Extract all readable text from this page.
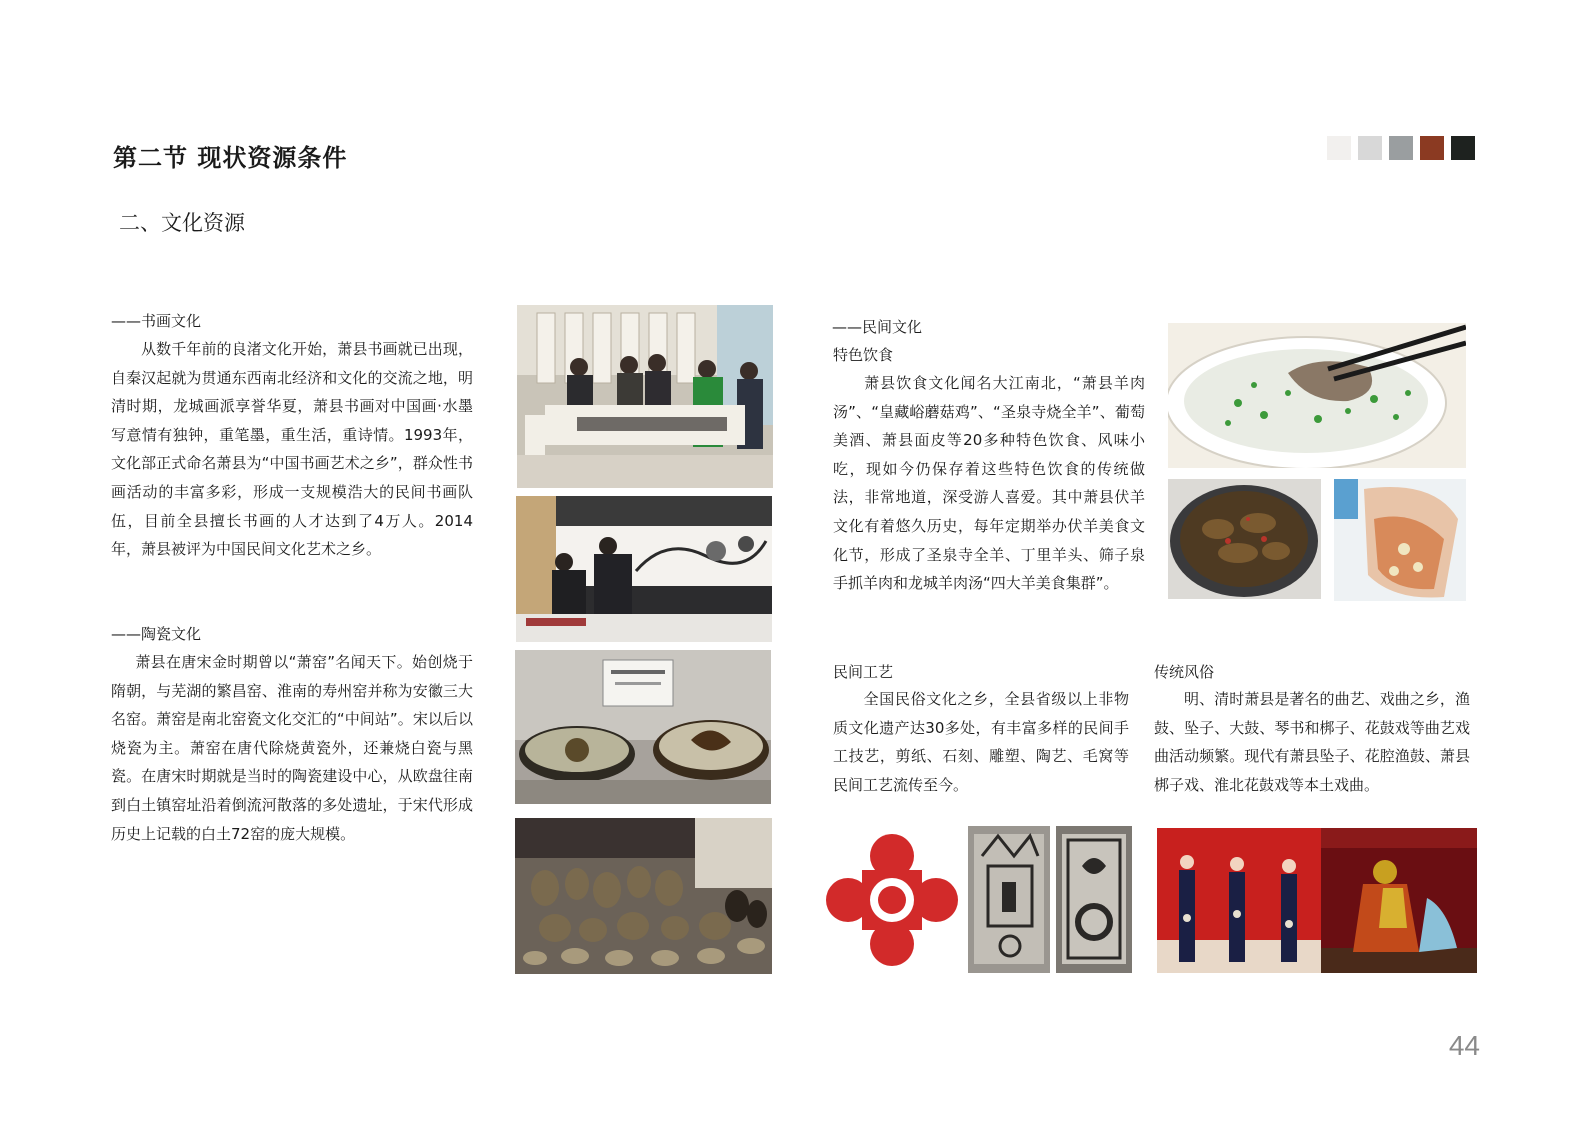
第二节 现状资源条件
二、文化资源
——书画文化
从数千年前的良渚文化开始，萧县书画就已出现，自秦汉起就为贯通东西南北经济和文化的交流之地，明清时期，龙城画派享誉华夏，萧县书画对中国画·水墨写意情有独钟，重笔墨，重生活，重诗情。1993年，文化部正式命名萧县为“中国书画艺术之乡”，群众性书画活动的丰富多彩，形成一支规模浩大的民间书画队伍，目前全县擅长书画的人才达到了4万人。2014年，萧县被评为中国民间文化艺术之乡。
——陶瓷文化
萧县在唐宋金时期曾以“萧窑”名闻天下。始创烧于隋朝，与芜湖的繁昌窑、淮南的寿州窑并称为安徽三大名窑。萧窑是南北窑瓷文化交汇的“中间站”。宋以后以烧瓷为主。萧窑在唐代除烧黄瓷外，还兼烧白瓷与黑瓷。在唐宋时期就是当时的陶瓷建设中心，从欧盘往南到白土镇窑址沿着倒流河散落的多处遗址，于宋代形成历史上记载的白土72窑的庞大规模。
——民间文化
特色饮食
萧县饮食文化闻名大江南北，“萧县羊肉汤”、“皇藏峪蘑菇鸡”、“圣泉寺烧全羊”、葡萄美酒、萧县面皮等20多种特色饮食、风味小吃，现如今仍保存着这些特色饮食的传统做法，非常地道，深受游人喜爱。其中萧县伏羊文化有着悠久历史，每年定期举办伏羊美食文化节，形成了圣泉寺全羊、丁里羊头、筛子泉手抓羊肉和龙城羊肉汤“四大羊美食集群”。
民间工艺
全国民俗文化之乡，全县省级以上非物质文化遗产达30多处，有丰富多样的民间手工技艺，剪纸、石刻、雕塑、陶艺、毛窝等民间工艺流传至今。
传统风俗
明、清时萧县是著名的曲艺、戏曲之乡，渔鼓、坠子、大鼓、琴书和梆子、花鼓戏等曲艺戏曲活动频繁。现代有萧县坠子、花腔渔鼓、萧县梆子戏、淮北花鼓戏等本土戏曲。
44
